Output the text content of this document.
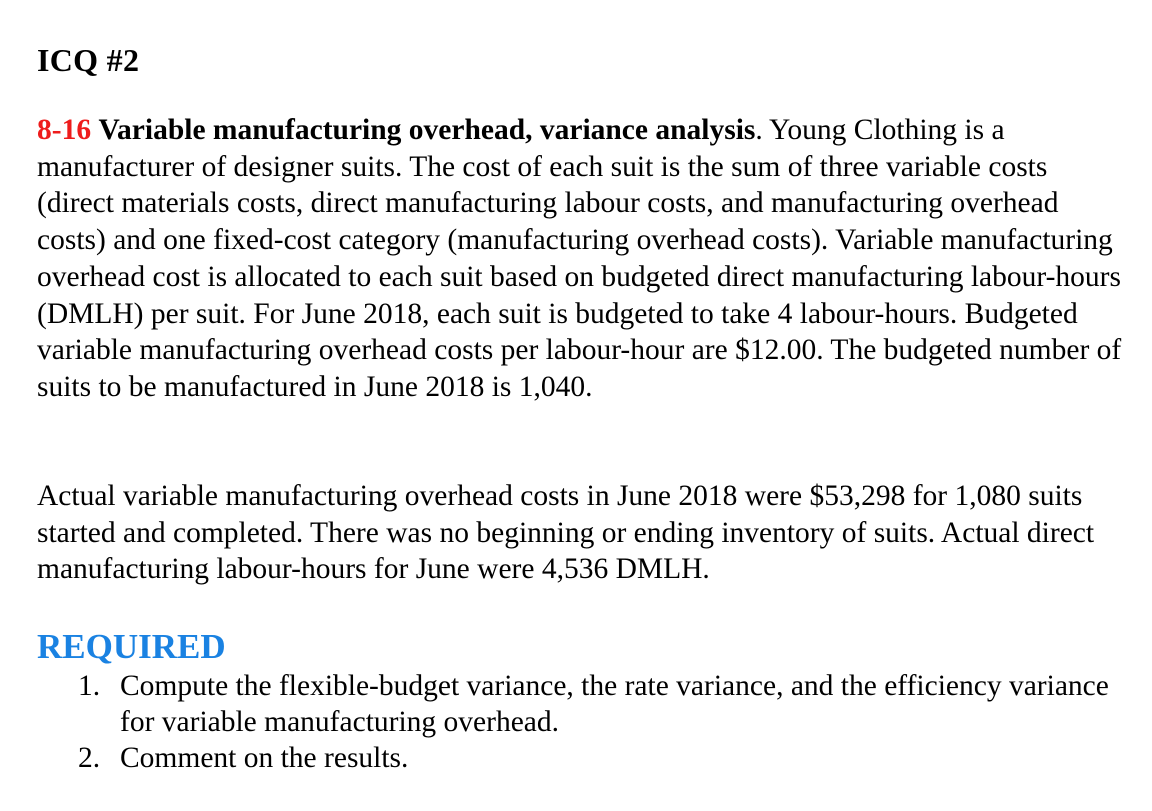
ICQ #2

8-16 Variable manufacturing overhead, variance analysis. Young Clothing is a manufacturer of designer suits. The cost of each suit is the sum of three variable costs (direct materials costs, direct manufacturing labour costs, and manufacturing overhead costs) and one fixed-cost category (manufacturing overhead costs). Variable manufacturing overhead cost is allocated to each suit based on budgeted direct manufacturing labour-hours (DMLH) per suit. For June 2018, each suit is budgeted to take 4 labour-hours. Budgeted variable manufacturing overhead costs per labour-hour are $12.00. The budgeted number of suits to be manufactured in June 2018 is 1,040.

Actual variable manufacturing overhead costs in June 2018 were $53,298 for 1,080 suits started and completed. There was no beginning or ending inventory of suits. Actual direct manufacturing labour-hours for June were 4,536 DMLH.

REQUIRED
1. Compute the flexible-budget variance, the rate variance, and the efficiency variance for variable manufacturing overhead.
2. Comment on the results.
